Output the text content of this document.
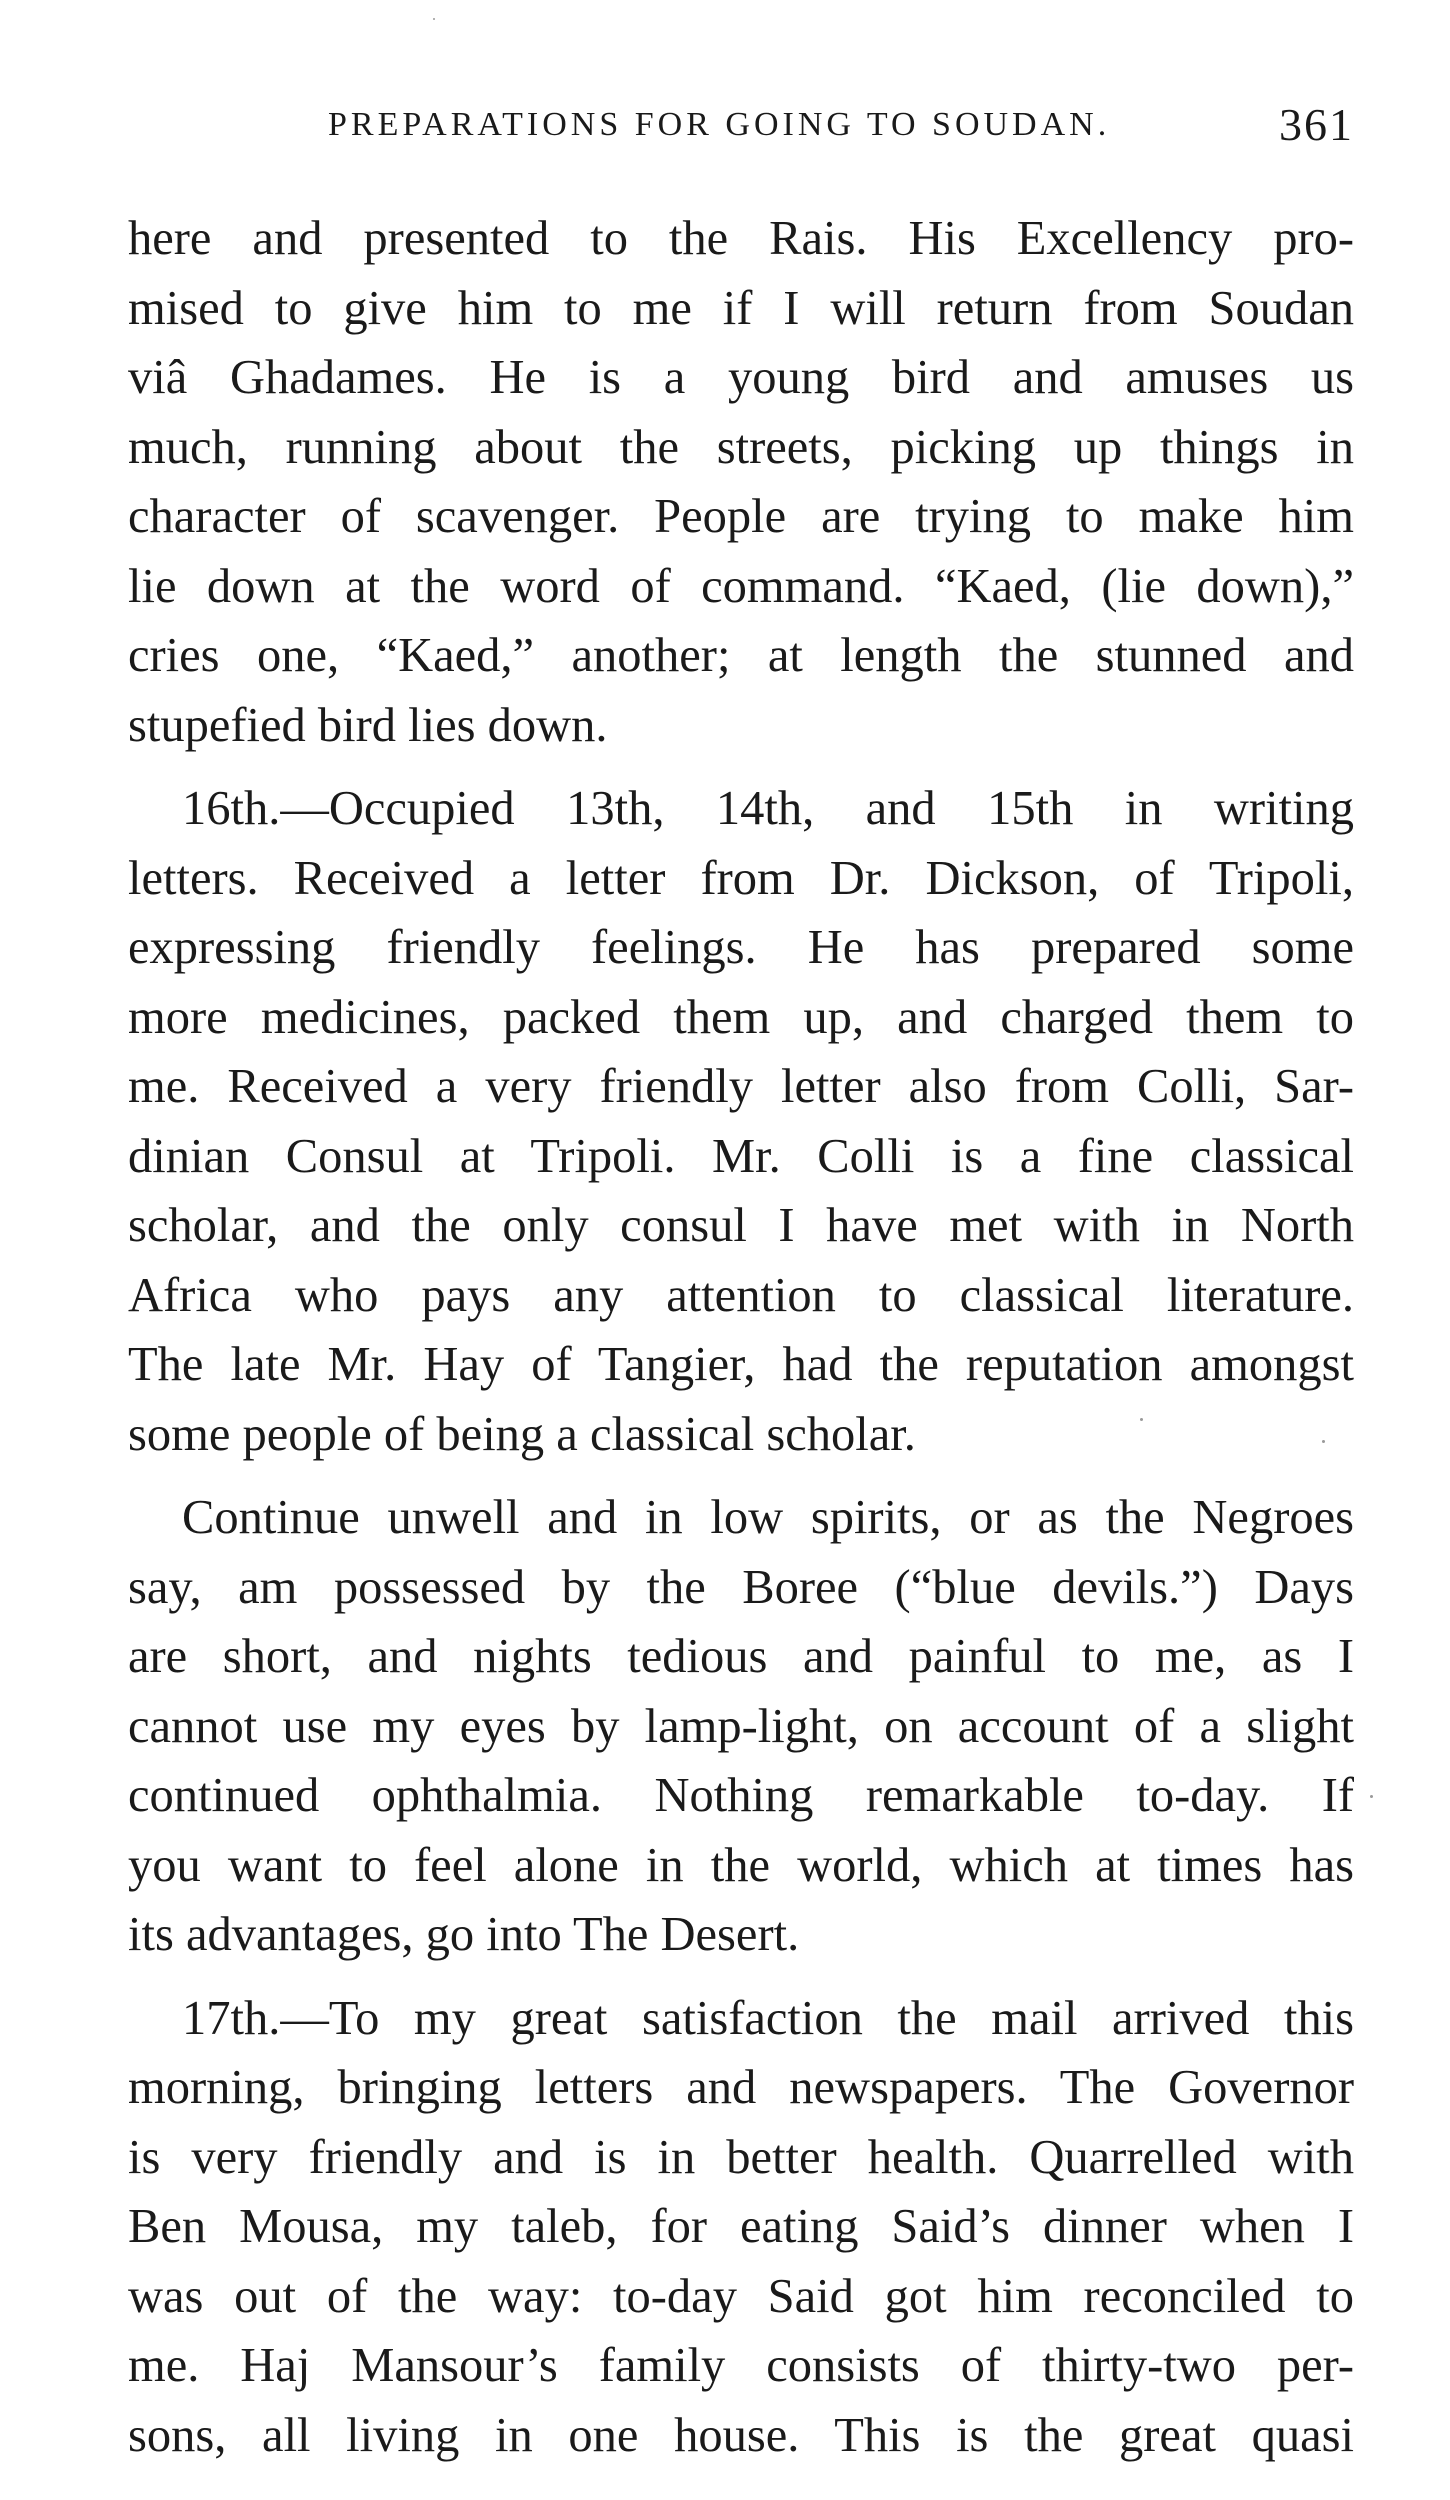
PREPARATIONS FOR GOING TO SOUDAN.	361
here and presented to the Rais. His Excellency pro-
mised to give him to me if I will return from Soudan
viâ Ghadames. He is a young bird and amuses us
much, running about the streets, picking up things in
character of scavenger. People are trying to make him
lie down at the word of command. “Kaed, (lie down),”
cries one, “Kaed,” another; at length the stunned and
stupefied bird lies down.
16th.—Occupied 13th, 14th, and 15th in writing
letters. Received a letter from Dr. Dickson, of Tripoli,
expressing friendly feelings. He has prepared some
more medicines, packed them up, and charged them to
me. Received a very friendly letter also from Colli, Sar-
dinian Consul at Tripoli. Mr. Colli is a fine classical
scholar, and the only consul I have met with in North
Africa who pays any attention to classical literature.
The late Mr. Hay of Tangier, had the reputation amongst
some people of being a classical scholar.
Continue unwell and in low spirits, or as the Negroes
say, am possessed by the Boree (“blue devils.”) Days
are short, and nights tedious and painful to me, as I
cannot use my eyes by lamp-light, on account of a slight
continued ophthalmia. Nothing remarkable to-day. If
you want to feel alone in the world, which at times has
its advantages, go into The Desert.
17th.—To my great satisfaction the mail arrived this
morning, bringing letters and newspapers. The Governor
is very friendly and is in better health. Quarrelled with
Ben Mousa, my taleb, for eating Said’s dinner when I
was out of the way: to-day Said got him reconciled to
me. Haj Mansour’s family consists of thirty-two per-
sons, all living in one house. This is the great quasi
